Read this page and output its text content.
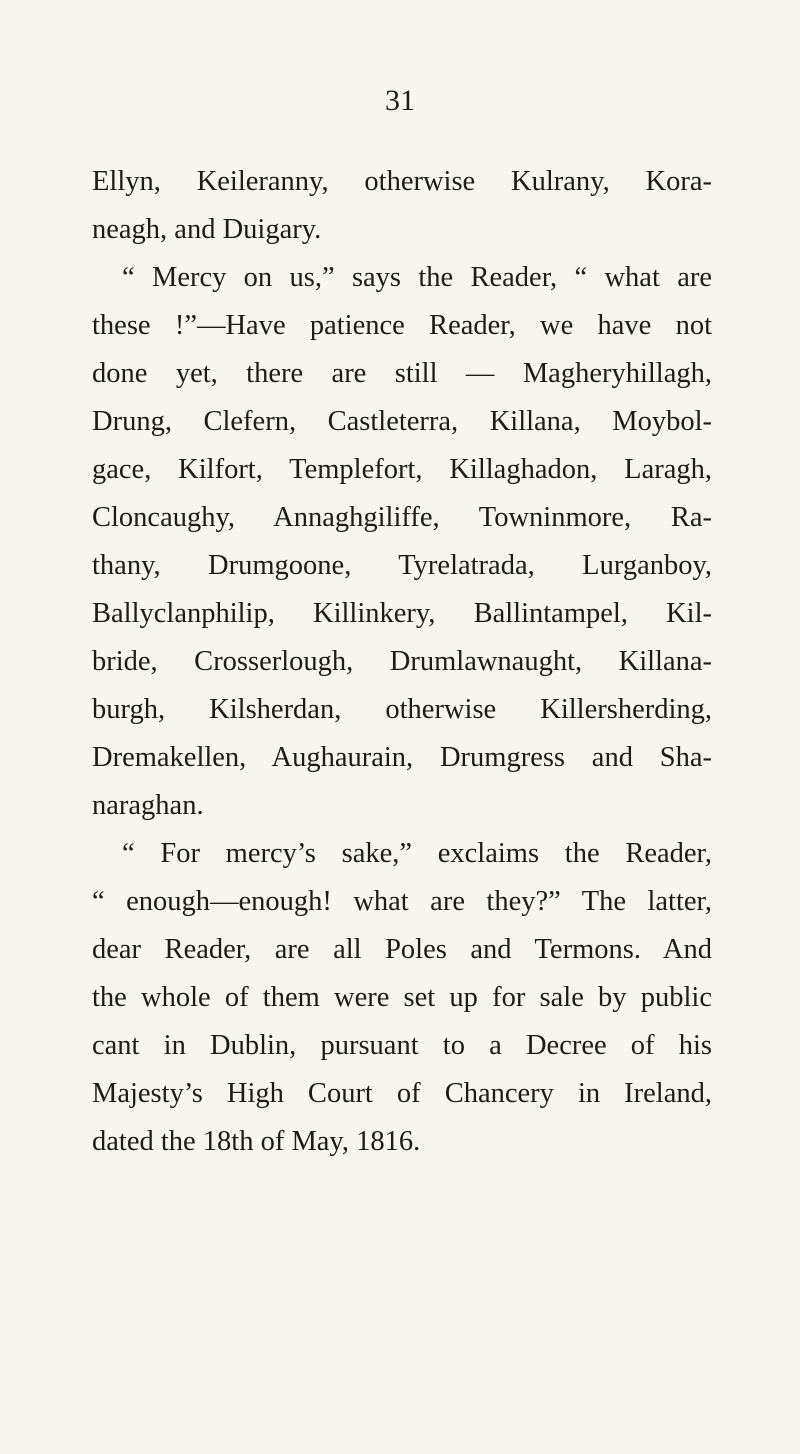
31
Ellyn, Keileranny, otherwise Kulrany, Kora-
neagh, and Duigary.
“ Mercy on us,” says the Reader, “ what are
these !”—Have patience Reader, we have not
done yet, there are still — Magheryhillagh,
Drung, Clefern, Castleterra, Killana, Moybol-
gace, Kilfort, Templefort, Killaghadon, Laragh,
Cloncaughy, Annaghgiliffe, Towninmore, Ra-
thany, Drumgoone, Tyrelatrada, Lurganboy,
Ballyclanphilip, Killinkery, Ballintampel, Kil-
bride, Crosserlough, Drumlawnaught, Killana-
burgh, Kilsherdan, otherwise Killersherding,
Dremakellen, Aughaurain, Drumgress and Sha-
naraghan.
“ For mercy’s sake,” exclaims the Reader,
“ enough—enough! what are they?” The latter,
dear Reader, are all Poles and Termons. And
the whole of them were set up for sale by public
cant in Dublin, pursuant to a Decree of his
Majesty’s High Court of Chancery in Ireland,
dated the 18th of May, 1816.
